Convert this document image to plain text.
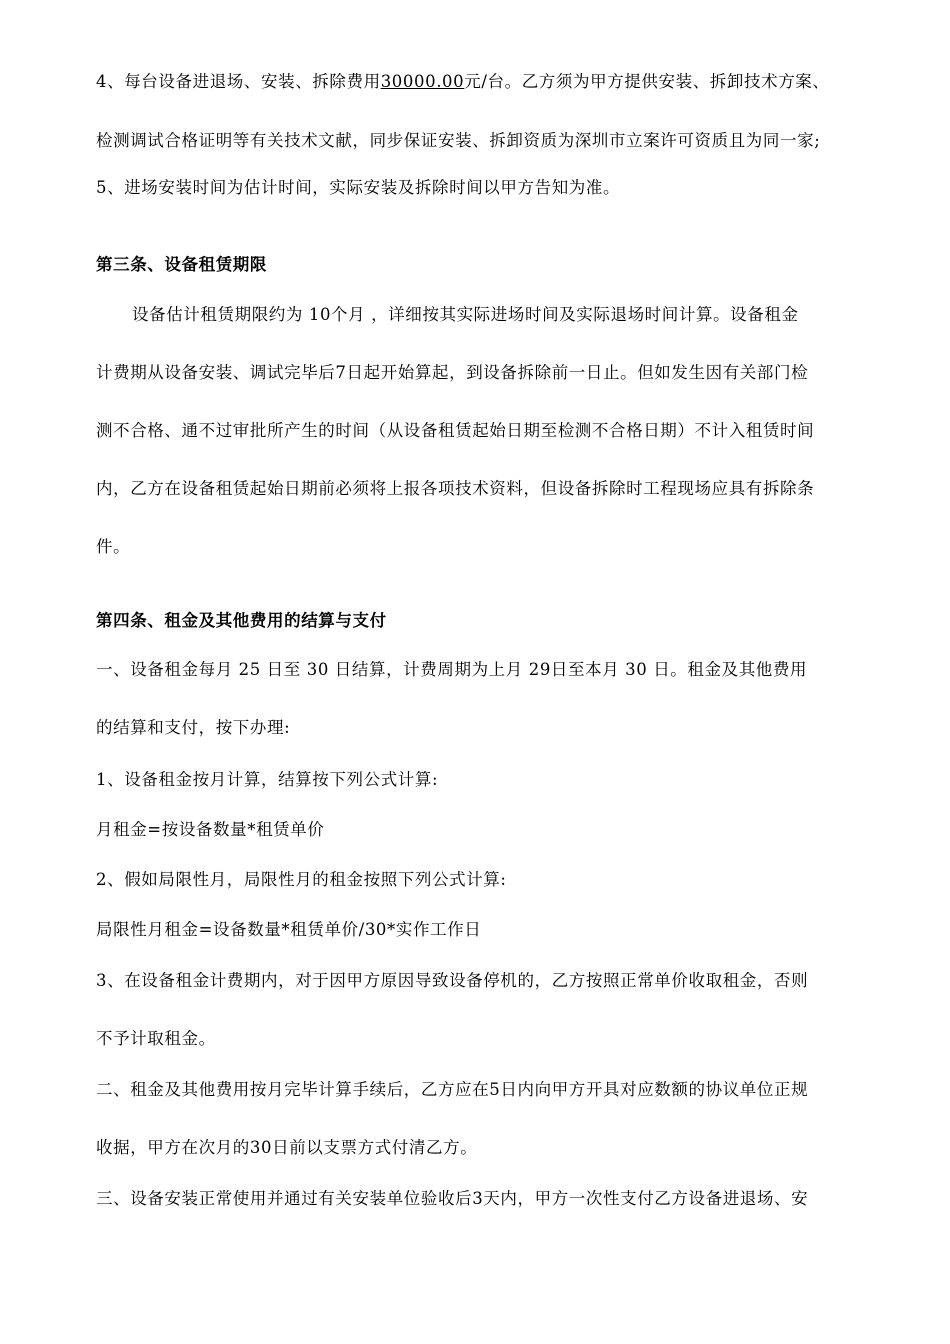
4、每台设备进退场、安装、拆除费用30000.00元/台。乙方须为甲方提供安装、拆卸技术方案、
检测调试合格证明等有关技术文献，同步保证安装、拆卸资质为深圳市立案许可资质且为同一家;
5、进场安装时间为估计时间，实际安装及拆除时间以甲方告知为准。
第三条、设备租赁期限
设备估计租赁期限约为 10个月 ，详细按其实际进场时间及实际退场时间计算。设备租金
计费期从设备安装、调试完毕后7日起开始算起，到设备拆除前一日止。但如发生因有关部门检
测不合格、通不过审批所产生的时间（从设备租赁起始日期至检测不合格日期）不计入租赁时间
内，乙方在设备租赁起始日期前必须将上报各项技术资料，但设备拆除时工程现场应具有拆除条
件。
第四条、租金及其他费用的结算与支付
一、设备租金每月 25 日至 30 日结算，计费周期为上月 29日至本月 30 日。租金及其他费用
的结算和支付，按下办理:
1、设备租金按月计算，结算按下列公式计算:
月租金=按设备数量*租赁单价
2、假如局限性月，局限性月的租金按照下列公式计算:
局限性月租金=设备数量*租赁单价/30*实作工作日
3、在设备租金计费期内，对于因甲方原因导致设备停机的，乙方按照正常单价收取租金，否则
不予计取租金。
二、租金及其他费用按月完毕计算手续后，乙方应在5日内向甲方开具对应数额的协议单位正规
收据，甲方在次月的30日前以支票方式付清乙方。
三、设备安装正常使用并通过有关安装单位验收后3天内，甲方一次性支付乙方设备进退场、安
